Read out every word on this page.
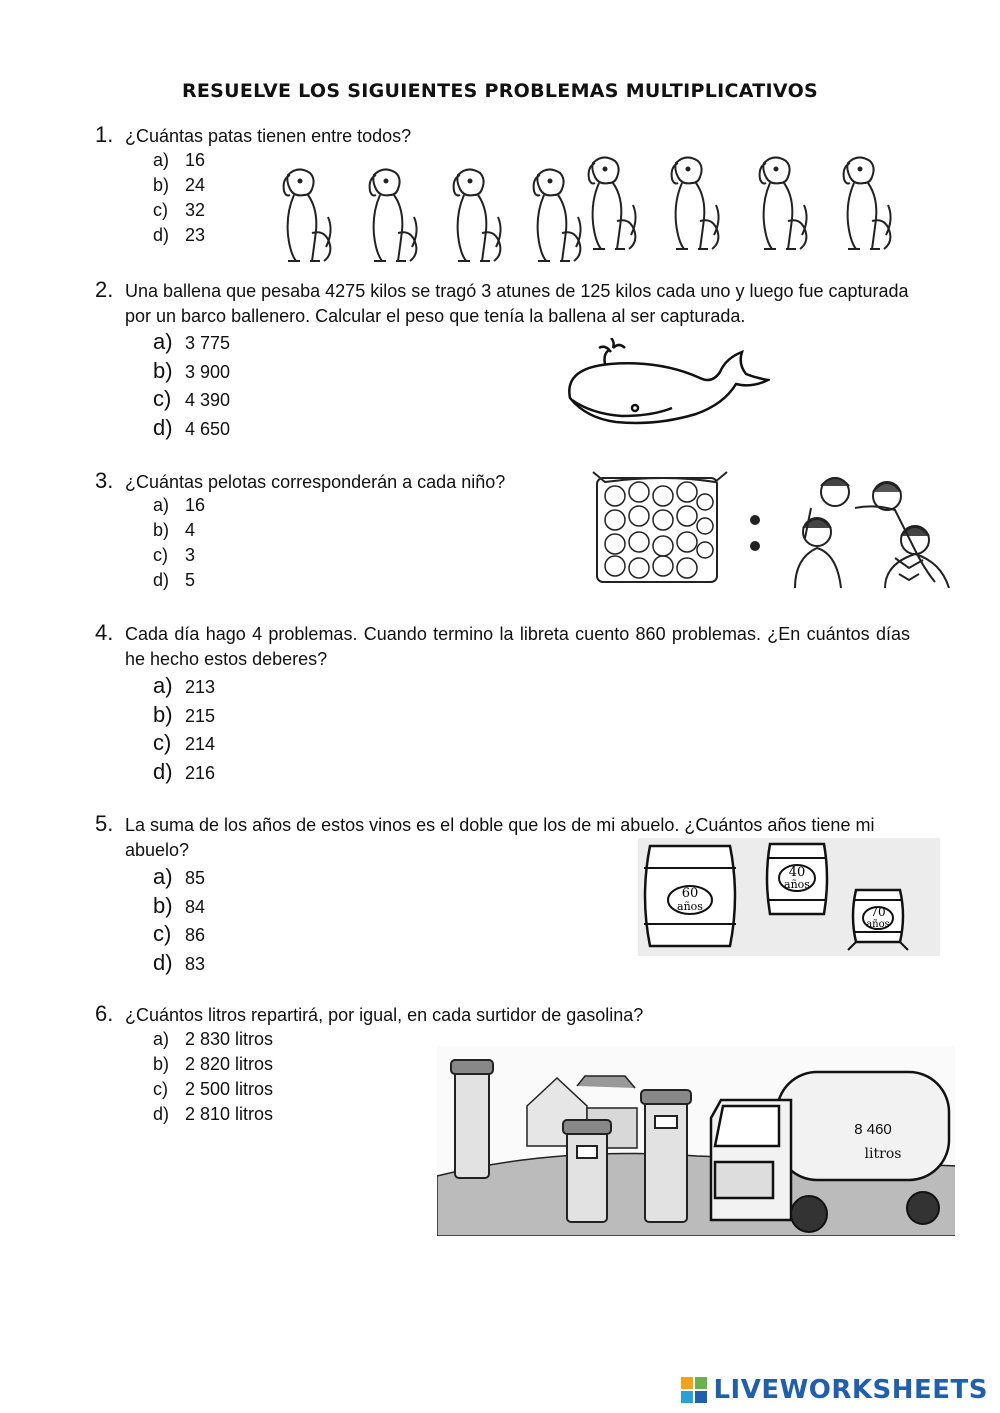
RESUELVE LOS SIGUIENTES PROBLEMAS MULTIPLICATIVOS
1. ¿Cuántas patas tienen entre todos?
a) 16
b) 24
c) 32
d) 23
2. Una ballena que pesaba 4275 kilos se tragó 3 atunes de 125 kilos cada uno y luego fue capturada por un barco ballenero. Calcular el peso que tenía la ballena al ser capturada.
a) 3 775
b) 3 900
c) 4 390
d) 4 650
3. ¿Cuántas pelotas corresponderán a cada niño?
a) 16
b) 4
c) 3
d) 5
4. Cada día hago 4 problemas. Cuando termino la libreta cuento 860 problemas. ¿En cuántos días he hecho estos deberes?
a) 213
b) 215
c) 214
d) 216
5. La suma de los años de estos vinos es el doble que los de mi abuelo. ¿Cuántos años tiene mi abuelo?
a) 85
b) 84
c) 86
d) 83
60
años
40
años
70
años
6. ¿Cuántos litros repartirá, por igual, en cada surtidor de gasolina?
a) 2 830 litros
b) 2 820 litros
c) 2 500 litros
d) 2 810 litros
8 460
litros
LIVEWORKSHEETS
